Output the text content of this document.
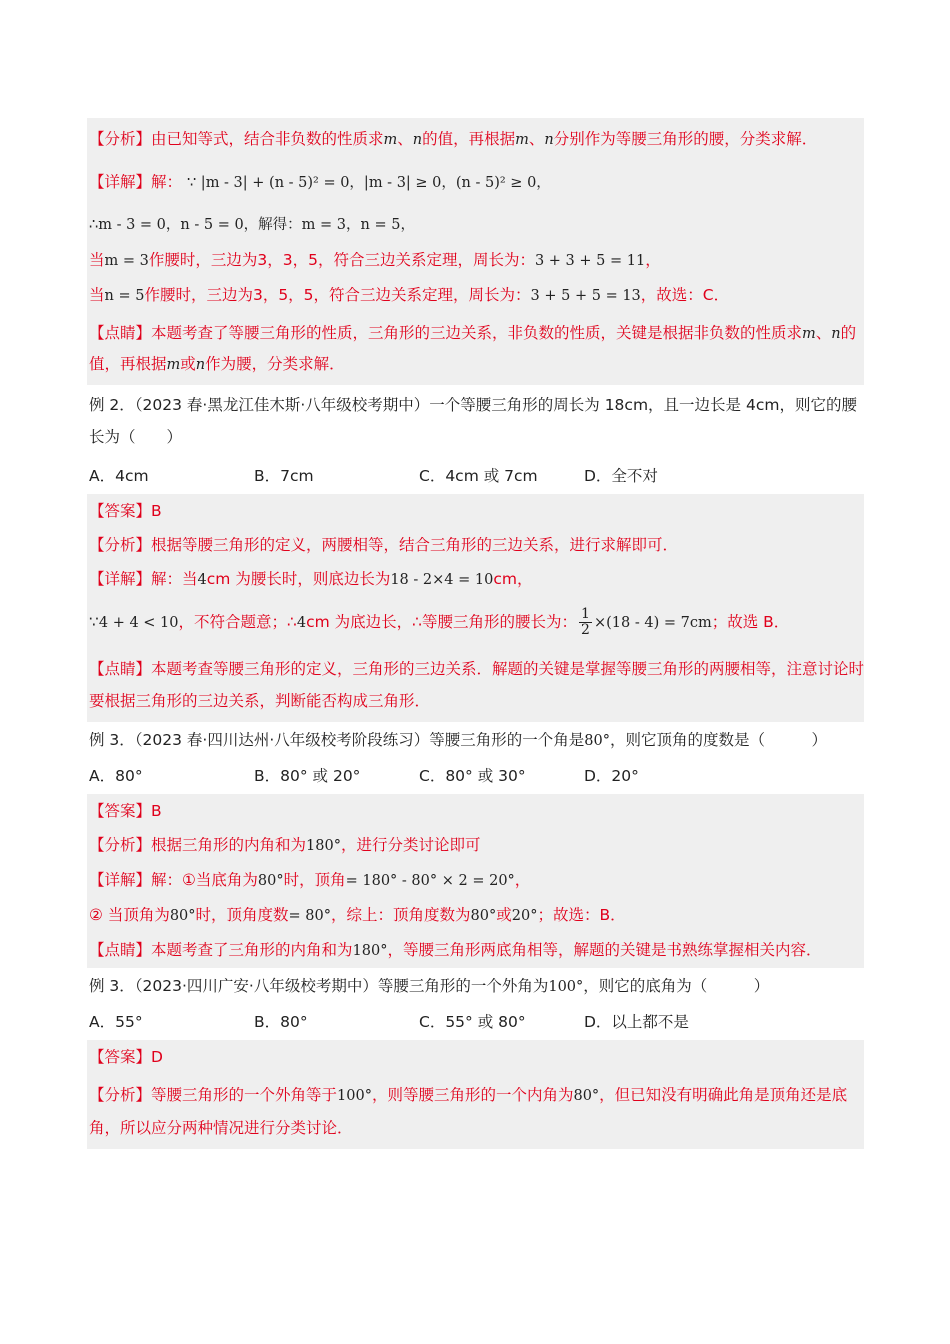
【分析】由已知等式，结合非负数的性质求m、n的值，再根据m、n分别作为等腰三角形的腰，分类求解．
【详解】解： ∵ |m - 3| + (n - 5)² = 0，|m - 3| ≥ 0，(n - 5)² ≥ 0，
∴m - 3 = 0，n - 5 = 0，解得：m = 3，n = 5，
当m = 3作腰时，三边为3，3，5，符合三边关系定理，周长为：3 + 3 + 5 = 11，
当n = 5作腰时，三边为3，5，5，符合三边关系定理，周长为：3 + 5 + 5 = 13，故选：C．
【点睛】本题考查了等腰三角形的性质，三角形的三边关系，非负数的性质，关键是根据非负数的性质求m、n的值，再根据m或n作为腰，分类求解．
例 2．（2023 春·黑龙江佳木斯·八年级校考期中）一个等腰三角形的周长为 18cm，且一边长是 4cm，则它的腰长为（　　）
A．4cm	B．7cm	C．4cm 或 7cm	D．全不对
【答案】B
【分析】根据等腰三角形的定义，两腰相等，结合三角形的三边关系，进行求解即可．
【详解】解：当4cm 为腰长时，则底边长为18 - 2×4 = 10cm，
∵4 + 4 < 10，不符合题意；∴4cm 为底边长，∴等腰三角形的腰长为： $\frac{1}{2} \times(18 - 4) = 7cm$；故选 B．
【点睛】本题考查等腰三角形的定义，三角形的三边关系．解题的关键是掌握等腰三角形的两腰相等，注意讨论时要根据三角形的三边关系，判断能否构成三角形．
例 3．（2023 春·四川达州·八年级校考阶段练习）等腰三角形的一个角是80°，则它顶角的度数是（　　　）
A．80°	B．80° 或 20°	C．80° 或 30°	D．20°
【答案】B
【分析】根据三角形的内角和为180°，进行分类讨论即可
【详解】解：①当底角为80°时，顶角= 180° - 80° × 2 = 20°，
② 当顶角为80°时，顶角度数= 80°，综上：顶角度数为80°或20°；故选：B．
【点睛】本题考查了三角形的内角和为180°，等腰三角形两底角相等，解题的关键是书熟练掌握相关内容．
例 3．（2023·四川广安·八年级校考期中）等腰三角形的一个外角为100°，则它的底角为（　　　）
A．55°	B．80°	C．55° 或 80°	D．以上都不是
【答案】D
【分析】等腰三角形的一个外角等于100°，则等腰三角形的一个内角为80°，但已知没有明确此角是顶角还是底角，所以应分两种情况进行分类讨论．
